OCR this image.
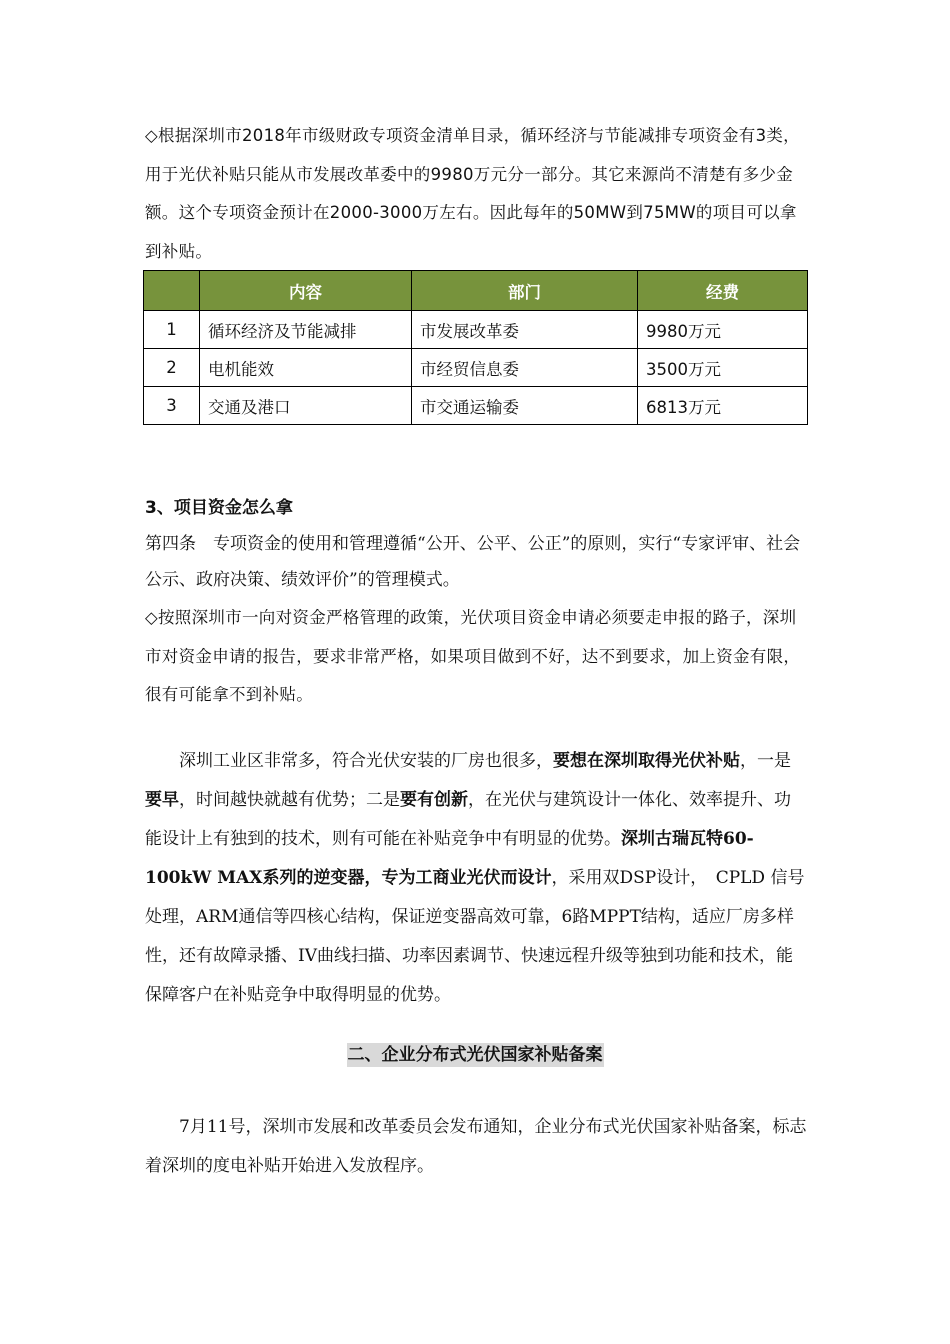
◇根据深圳市2018年市级财政专项资金清单目录，循环经济与节能减排专项资金有3类，用于光伏补贴只能从市发展改革委中的9980万元分一部分。其它来源尚不清楚有多少金额。这个专项资金预计在2000-3000万左右。因此每年的50MW到75MW的项目可以拿到补贴。

	内容	部门	经费
1	循环经济及节能减排	市发展改革委	9980万元
2	电机能效	市经贸信息委	3500万元
3	交通及港口	市交通运输委	6813万元

3、项目资金怎么拿

第四条　专项资金的使用和管理遵循“公开、公平、公正”的原则，实行“专家评审、社会公示、政府决策、绩效评价”的管理模式。

◇按照深圳市一向对资金严格管理的政策，光伏项目资金申请必须要走申报的路子，深圳市对资金申请的报告，要求非常严格，如果项目做到不好，达不到要求，加上资金有限，很有可能拿不到补贴。

深圳工业区非常多，符合光伏安装的厂房也很多，要想在深圳取得光伏补贴，一是要早，时间越快就越有优势；二是要有创新，在光伏与建筑设计一体化、效率提升、功能设计上有独到的技术，则有可能在补贴竞争中有明显的优势。深圳古瑞瓦特60-100kW MAX系列的逆变器，专为工商业光伏而设计，采用双DSP设计，　CPLD 信号处理，ARM通信等四核心结构，保证逆变器高效可靠，6路MPPT结构，适应厂房多样性，还有故障录播、IV曲线扫描、功率因素调节、快速远程升级等独到功能和技术，能保障客户在补贴竞争中取得明显的优势。

二、企业分布式光伏国家补贴备案

7月11号，深圳市发展和改革委员会发布通知，企业分布式光伏国家补贴备案，标志着深圳的度电补贴开始进入发放程序。
